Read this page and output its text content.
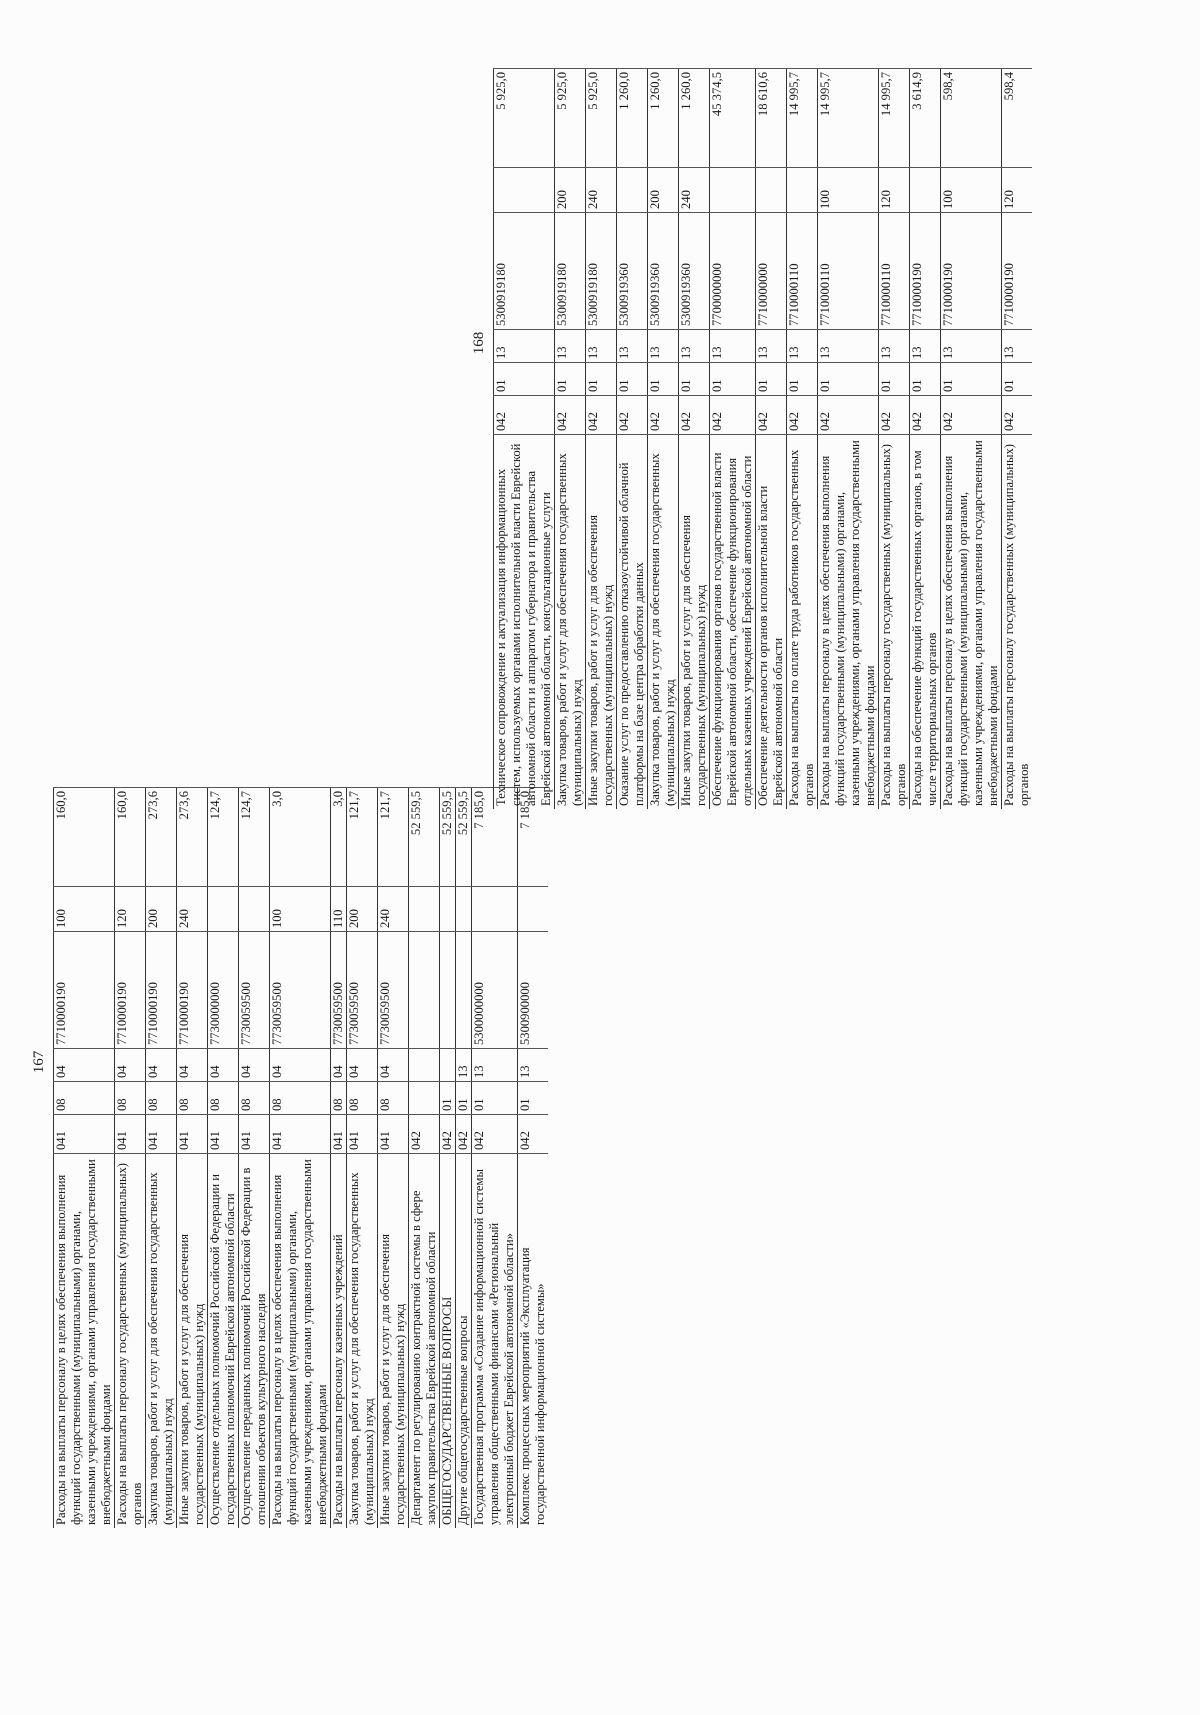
167
Расходы на выплаты персоналу в целях обеспечения выполнения функций государственными (муниципальными) органами, казенными учреждениями, органами управления государственными внебюджетными фондами	041	08	04	7710000190	100	160,0
Расходы на выплаты персоналу государственных (муниципальных) органов	041	08	04	7710000190	120	160,0
Закупка товаров, работ и услуг для обеспечения государственных (муниципальных) нужд	041	08	04	7710000190	200	273,6
Иные закупки товаров, работ и услуг для обеспечения государственных (муниципальных) нужд	041	08	04	7710000190	240	273,6
Осуществление отдельных полномочий Российской Федерации и государственных полномочий Еврейской автономной области	041	08	04	7730000000		124,7
Осуществление переданных полномочий Российской Федерации в отношении объектов культурного наследия	041	08	04	7730059500		124,7
Расходы на выплаты персоналу в целях обеспечения выполнения функций государственными (муниципальными) органами, казенными учреждениями, органами управления государственными внебюджетными фондами	041	08	04	7730059500	100	3,0
Расходы на выплаты персоналу казенных учреждений	041	08	04	7730059500	110	3,0
Закупка товаров, работ и услуг для обеспечения государственных (муниципальных) нужд	041	08	04	7730059500	200	121,7
Иные закупки товаров, работ и услуг для обеспечения государственных (муниципальных) нужд	041	08	04	7730059500	240	121,7
Департамент по регулированию контрактной системы в сфере закупок правительства Еврейской автономной области	042					52 559,5
ОБЩЕГОСУДАРСТВЕННЫЕ ВОПРОСЫ	042	01				52 559,5
Другие общегосударственные вопросы	042	01	13			52 559,5
Государственная программа «Создание информационной системы управления общественными финансами «Региональный электронный бюджет Еврейской автономной области»	042	01	13	5300000000		7 185,0
Комплекс процессных мероприятий «Эксплуатация государственной информационной системы»	042	01	13	5300900000		7 185,0
168
Техническое сопровождение и актуализация информационных систем, используемых органами исполнительной власти Еврейской автономной области и аппаратом губернатора и правительства Еврейской автономной области, консультационные услуги	042	01	13	5300919180		5 925,0
Закупка товаров, работ и услуг для обеспечения государственных (муниципальных) нужд	042	01	13	5300919180	200	5 925,0
Иные закупки товаров, работ и услуг для обеспечения государственных (муниципальных) нужд	042	01	13	5300919180	240	5 925,0
Оказание услуг по предоставлению отказоустойчивой облачной платформы на базе центра обработки данных	042	01	13	5300919360		1 260,0
Закупка товаров, работ и услуг для обеспечения государственных (муниципальных) нужд	042	01	13	5300919360	200	1 260,0
Иные закупки товаров, работ и услуг для обеспечения государственных (муниципальных) нужд	042	01	13	5300919360	240	1 260,0
Обеспечение функционирования органов государственной власти Еврейской автономной области, обеспечение функционирования отдельных казенных учреждений Еврейской автономной области	042	01	13	7700000000		45 374,5
Обеспечение деятельности органов исполнительной власти Еврейской автономной области	042	01	13	7710000000		18 610,6
Расходы на выплаты по оплате труда работников государственных органов	042	01	13	7710000110		14 995,7
Расходы на выплаты персоналу в целях обеспечения выполнения функций государственными (муниципальными) органами, казенными учреждениями, органами управления государственными внебюджетными фондами	042	01	13	7710000110	100	14 995,7
Расходы на выплаты персоналу государственных (муниципальных) органов	042	01	13	7710000110	120	14 995,7
Расходы на обеспечение функций государственных органов, в том числе территориальных органов	042	01	13	7710000190		3 614,9
Расходы на выплаты персоналу в целях обеспечения выполнения функций государственными (муниципальными) органами, казенными учреждениями, органами управления государственными внебюджетными фондами	042	01	13	7710000190	100	598,4
Расходы на выплаты персоналу государственных (муниципальных) органов	042	01	13	7710000190	120	598,4
